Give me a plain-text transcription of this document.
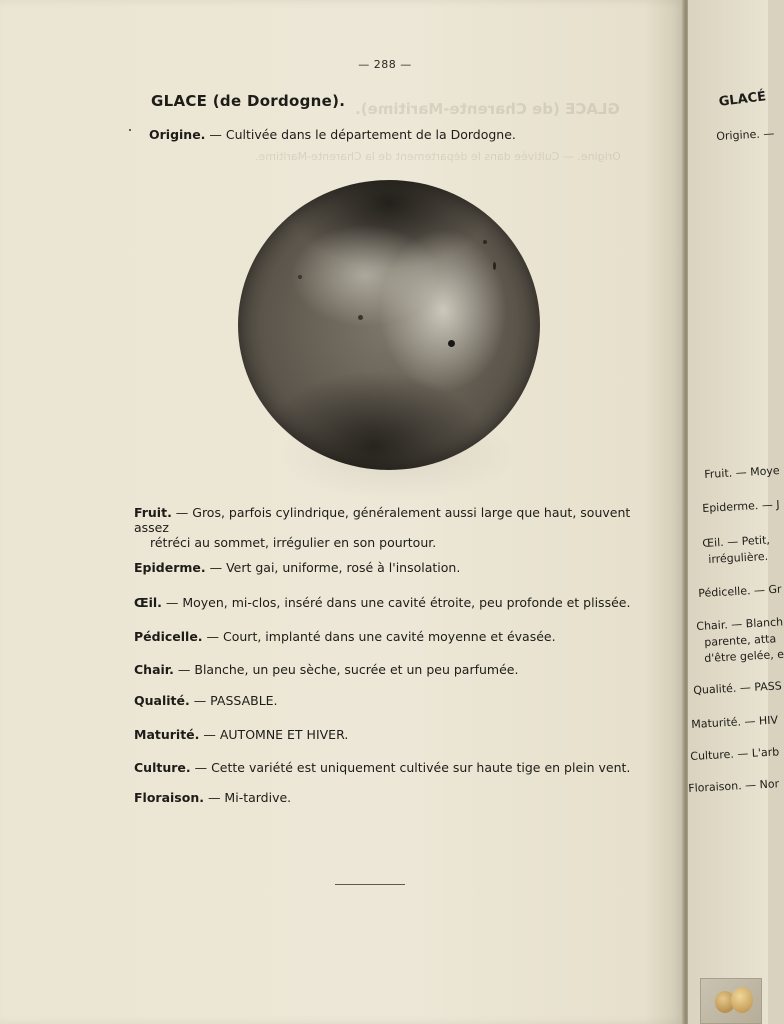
GLACE (de Charente-Maritime).
Origine. — Cultivée dans le département de la Charente-Maritime.
— 288 —
GLACE (de Dordogne).
Origine. — Cultivée dans le département de la Dordogne.
Fruit. — Gros, parfois cylindrique, généralement aussi large que haut, souvent assez
rétréci au sommet, irrégulier en son pourtour.
Epiderme. — Vert gai, uniforme, rosé à l'insolation.
Œil. — Moyen, mi-clos, inséré dans une cavité étroite, peu profonde et plissée.
Pédicelle. — Court, implanté dans une cavité moyenne et évasée.
Chair. — Blanche, un peu sèche, sucrée et un peu parfumée.
Qualité. — PASSABLE.
Maturité. — AUTOMNE ET HIVER.
Culture. — Cette variété est uniquement cultivée sur haute tige en plein vent.
Floraison. — Mi-tardive.
GLACÉ
Origine. —
Fruit. — Moye
Epiderme. — J
Œil. — Petit,
irrégulière.
Pédicelle. — Gr
Chair. — Blanch
parente, atta
d'être gelée, e
Qualité. — PASS
Maturité. — HIV
Culture. — L'arb
Floraison. — Nor
